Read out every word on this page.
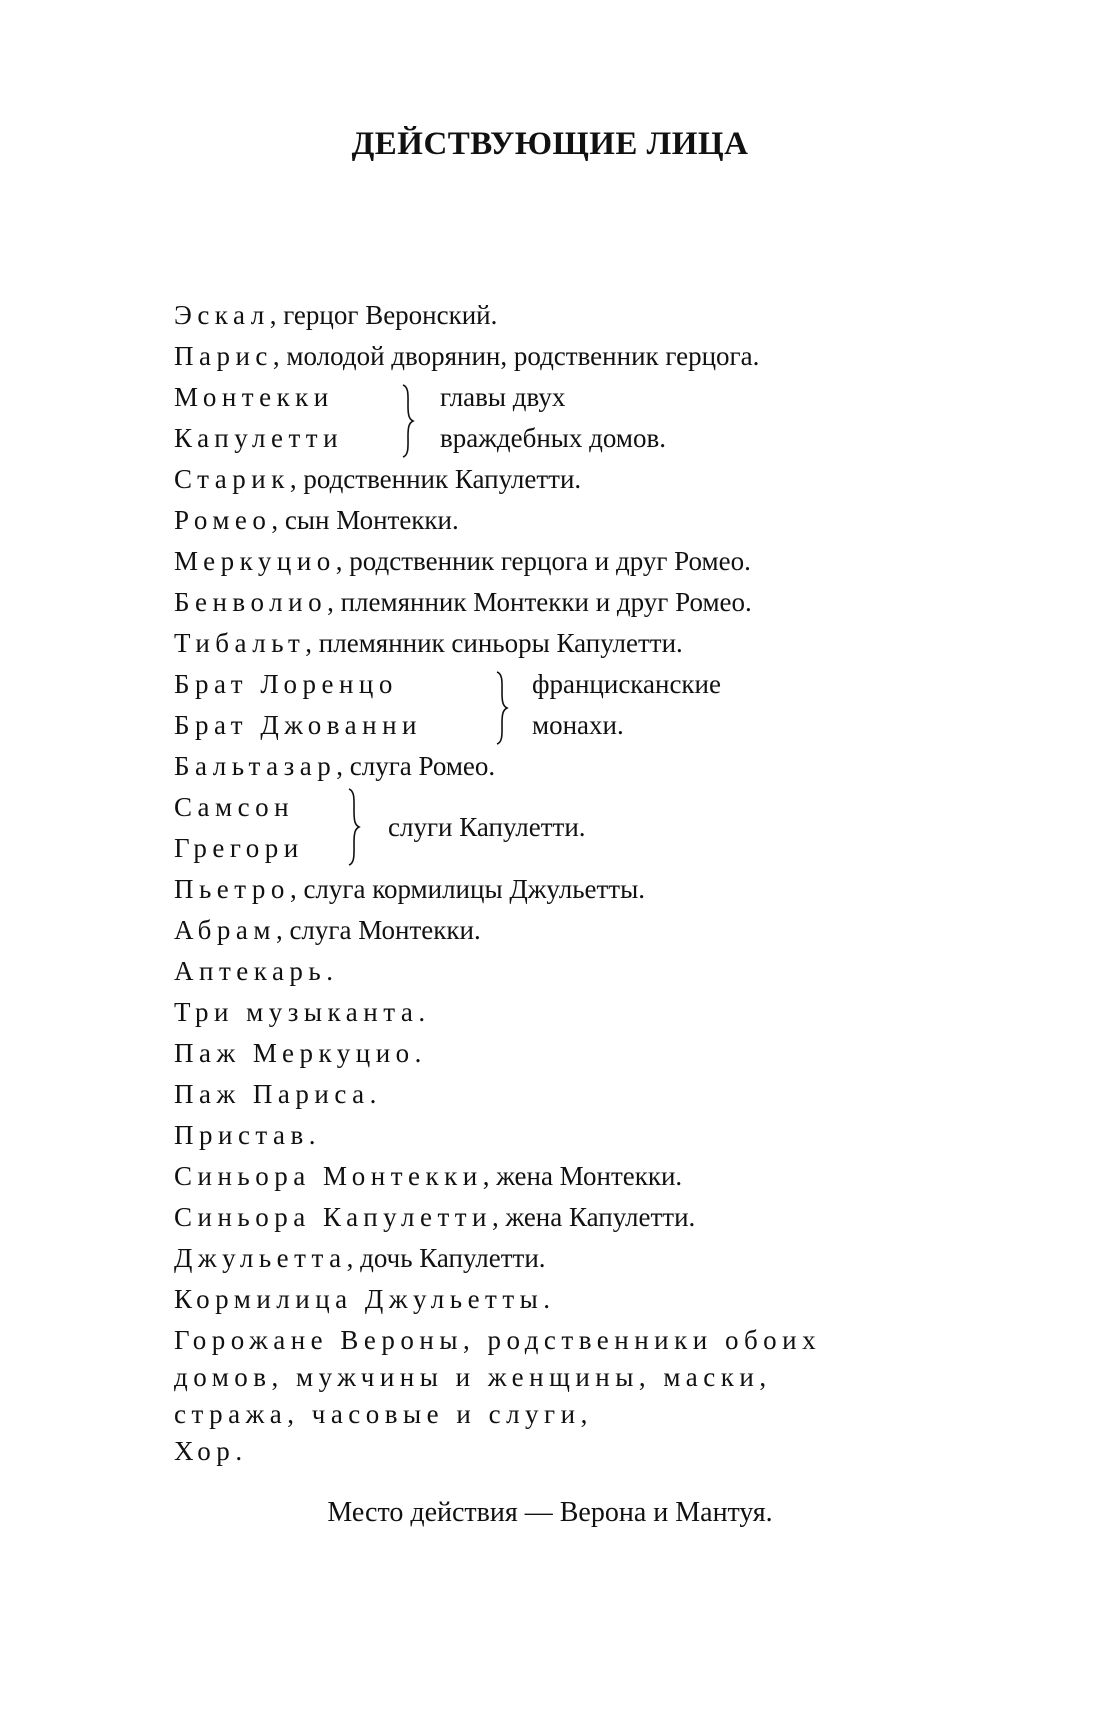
ДЕЙСТВУЮЩИЕ ЛИЦА
Эскал, герцог Веронский.
Парис, молодой дворянин, родственник герцога.
Монтекки
Капулетти
главы двух
враждебных домов.
Старик, родственник Капулетти.
Ромео, сын Монтекки.
Меркуцио, родственник герцога и друг Ромео.
Бенволио, племянник Монтекки и друг Ромео.
Тибальт, племянник синьоры Капулетти.
Брат Лоренцо
Брат Джованни
францисканские
монахи.
Бальтазар, слуга Ромео.
Самсон
Грегори
слуги Капулетти.
Пьетро, слуга кормилицы Джульетты.
Абрам, слуга Монтекки.
Аптекарь.
Три музыканта.
Паж Меркуцио.
Паж Париса.
Пристав.
Синьора Монтекки, жена Монтекки.
Синьора Капулетти, жена Капулетти.
Джульетта, дочь Капулетти.
Кормилица Джульетты.
Горожане Вероны, родственники обоих
домов, мужчины и женщины, маски,
стража, часовые и слуги,
Хор.

Место действия — Верона и Мантуя.
